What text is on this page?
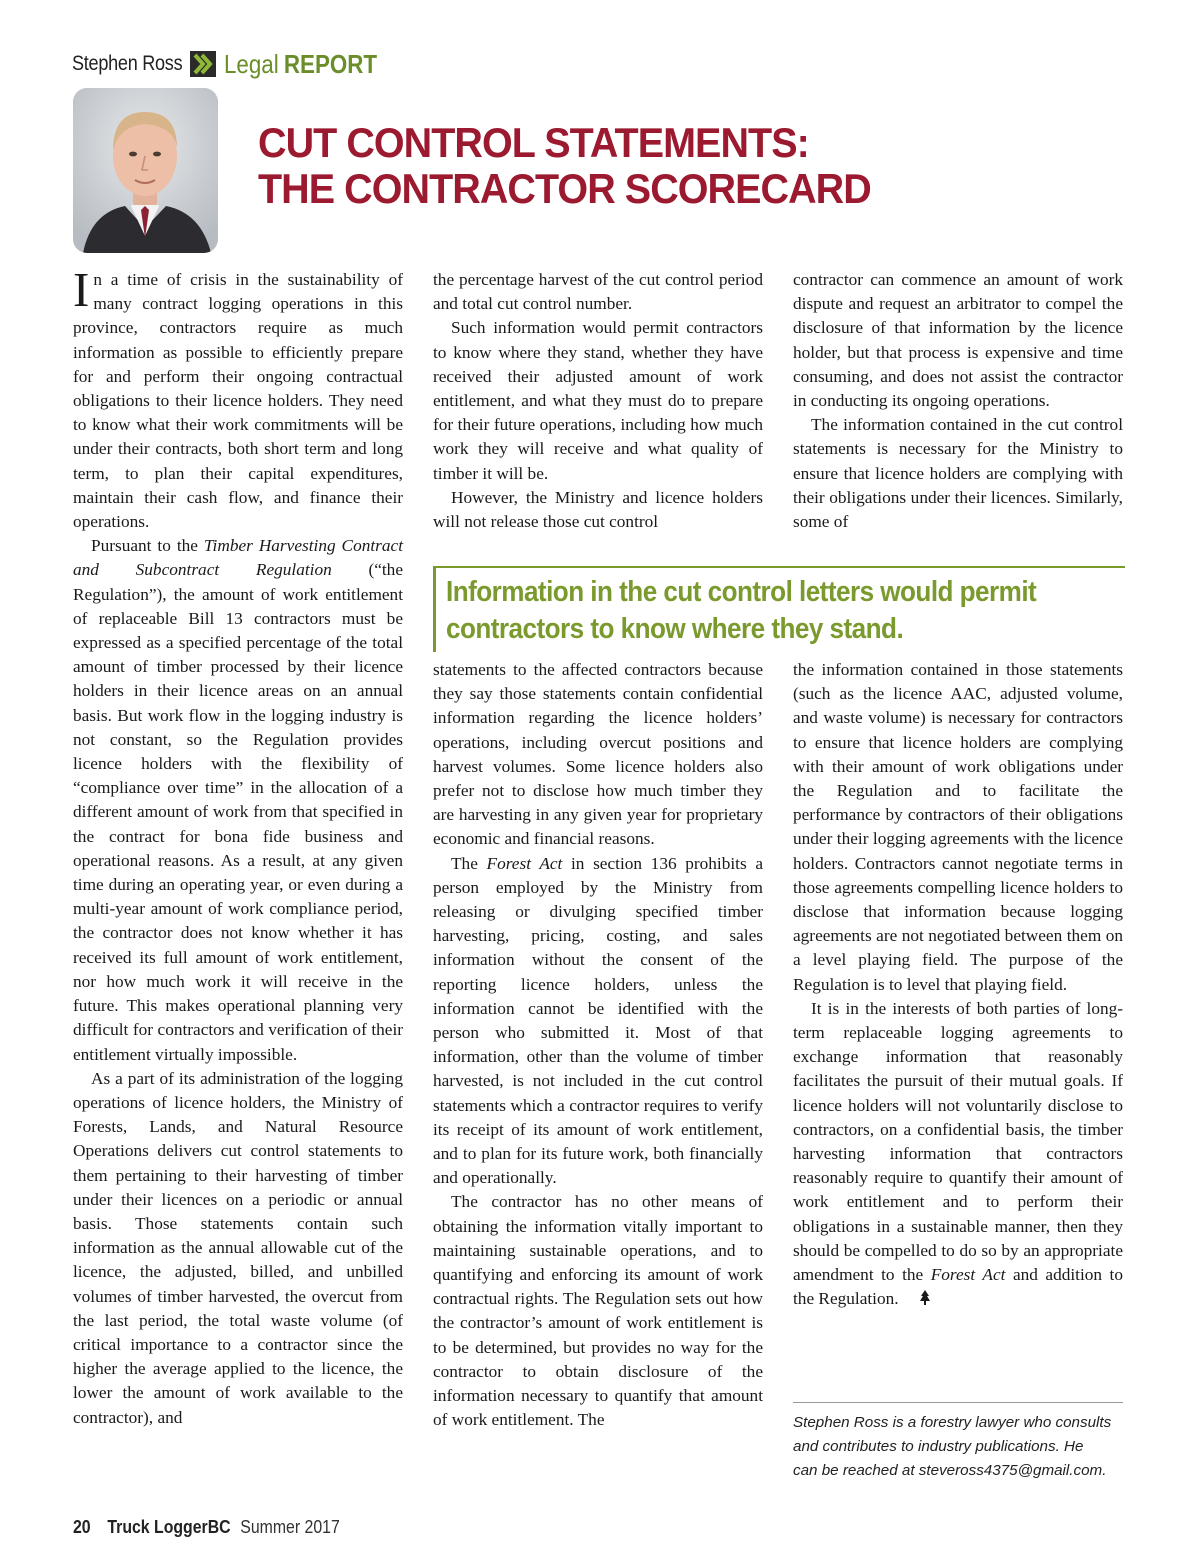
Stephen Ross Legal REPORT
CUT CONTROL STATEMENTS:
THE CONTRACTOR SCORECARD

In a time of crisis in the sustainability of many contract logging operations in this province, contractors require as much information as possible to efficiently prepare for and perform their ongoing contractual obligations to their licence holders. They need to know what their work commitments will be under their contracts, both short term and long term, to plan their capital expenditures, maintain their cash flow, and finance their operations.

Pursuant to the Timber Harvesting Contract and Subcontract Regulation (“the Regulation”), the amount of work entitlement of replaceable Bill 13 contractors must be expressed as a specified percentage of the total amount of timber processed by their licence holders in their licence areas on an annual basis. But work flow in the logging industry is not constant, so the Regulation provides licence holders with the flexibility of “compliance over time” in the allocation of a different amount of work from that specified in the contract for bona fide business and operational reasons. As a result, at any given time during an operating year, or even during a multi-year amount of work compliance period, the contractor does not know whether it has received its full amount of work entitlement, nor how much work it will receive in the future. This makes operational planning very difficult for contractors and verification of their entitlement virtually impossible.

As a part of its administration of the logging operations of licence holders, the Ministry of Forests, Lands, and Natural Resource Operations delivers cut control statements to them pertaining to their harvesting of timber under their licences on a periodic or annual basis. Those statements contain such information as the annual allowable cut of the licence, the adjusted, billed, and unbilled volumes of timber harvested, the overcut from the last period, the total waste volume (of critical importance to a contractor since the higher the average applied to the licence, the lower the amount of work available to the contractor), and

the percentage harvest of the cut control period and total cut control number.

Such information would permit contractors to know where they stand, whether they have received their adjusted amount of work entitlement, and what they must do to prepare for their future operations, including how much work they will receive and what quality of timber it will be.

However, the Ministry and licence holders will not release those cut control

contractor can commence an amount of work dispute and request an arbitrator to compel the disclosure of that information by the licence holder, but that process is expensive and time consuming, and does not assist the contractor in conducting its ongoing operations.

The information contained in the cut control statements is necessary for the Ministry to ensure that licence holders are complying with their obligations under their licences. Similarly, some of

Information in the cut control letters would permit
contractors to know where they stand.

statements to the affected contractors because they say those statements contain confidential information regarding the licence holders’ operations, including overcut positions and harvest volumes. Some licence holders also prefer not to disclose how much timber they are harvesting in any given year for proprietary economic and financial reasons.

The Forest Act in section 136 prohibits a person employed by the Ministry from releasing or divulging specified timber harvesting, pricing, costing, and sales information without the consent of the reporting licence holders, unless the information cannot be identified with the person who submitted it. Most of that information, other than the volume of timber harvested, is not included in the cut control statements which a contractor requires to verify its receipt of its amount of work entitlement, and to plan for its future work, both financially and operationally.

The contractor has no other means of obtaining the information vitally important to maintaining sustainable operations, and to quantifying and enforcing its amount of work contractual rights. The Regulation sets out how the contractor’s amount of work entitlement is to be determined, but provides no way for the contractor to obtain disclosure of the information necessary to quantify that amount of work entitlement. The

the information contained in those statements (such as the licence AAC, adjusted volume, and waste volume) is necessary for contractors to ensure that licence holders are complying with their amount of work obligations under the Regulation and to facilitate the performance by contractors of their obligations under their logging agreements with the licence holders. Contractors cannot negotiate terms in those agreements compelling licence holders to disclose that information because logging agreements are not negotiated between them on a level playing field. The purpose of the Regulation is to level that playing field.

It is in the interests of both parties of long-term replaceable logging agreements to exchange information that reasonably facilitates the pursuit of their mutual goals. If licence holders will not voluntarily disclose to contractors, on a confidential basis, the timber harvesting information that contractors reasonably require to quantify their amount of work entitlement and to perform their obligations in a sustainable manner, then they should be compelled to do so by an appropriate amendment to the Forest Act and addition to the Regulation.

Stephen Ross is a forestry lawyer who consults
and contributes to industry publications. He
can be reached at steveross4375@gmail.com.
20 Truck LoggerBC Summer 2017
